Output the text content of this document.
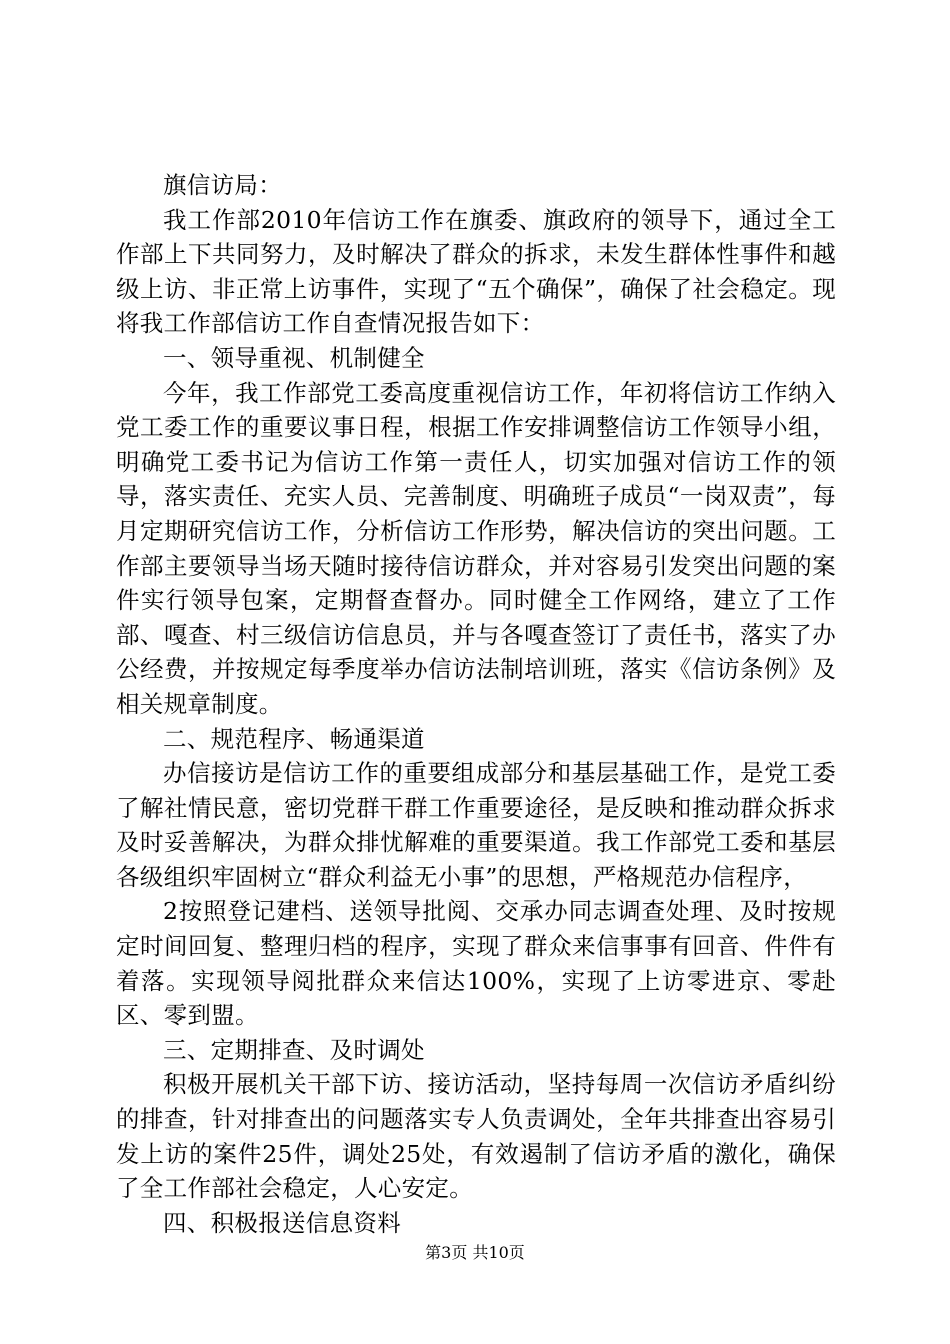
旗信访局：

我工作部2010年信访工作在旗委、旗政府的领导下，通过全工作部上下共同努力，及时解决了群众的拆求，未发生群体性事件和越级上访、非正常上访事件，实现了“五个确保”，确保了社会稳定。现将我工作部信访工作自查情况报告如下：

一、领导重视、机制健全

今年，我工作部党工委高度重视信访工作，年初将信访工作纳入党工委工作的重要议事日程，根据工作安排调整信访工作领导小组，明确党工委书记为信访工作第一责任人，切实加强对信访工作的领导，落实责任、充实人员、完善制度、明确班子成员“一岗双责”，每月定期研究信访工作，分析信访工作形势，解决信访的突出问题。工作部主要领导当场天随时接待信访群众，并对容易引发突出问题的案件实行领导包案，定期督查督办。同时健全工作网络，建立了工作部、嘎查、村三级信访信息员，并与各嘎查签订了责任书，落实了办公经费，并按规定每季度举办信访法制培训班，落实《信访条例》及相关规章制度。

二、规范程序、畅通渠道

办信接访是信访工作的重要组成部分和基层基础工作，是党工委了解社情民意，密切党群干群工作重要途径，是反映和推动群众拆求及时妥善解决，为群众排忧解难的重要渠道。我工作部党工委和基层各级组织牢固树立“群众利益无小事”的思想，严格规范办信程序，

2按照登记建档、送领导批阅、交承办同志调查处理、及时按规定时间回复、整理归档的程序，实现了群众来信事事有回音、件件有着落。实现领导阅批群众来信达100%，实现了上访零进京、零赴区、零到盟。

三、定期排查、及时调处

积极开展机关干部下访、接访活动，坚持每周一次信访矛盾纠纷的排查，针对排查出的问题落实专人负责调处，全年共排查出容易引发上访的案件25件，调处25处，有效遏制了信访矛盾的激化，确保了全工作部社会稳定，人心安定。

四、积极报送信息资料

第3页 共10页
